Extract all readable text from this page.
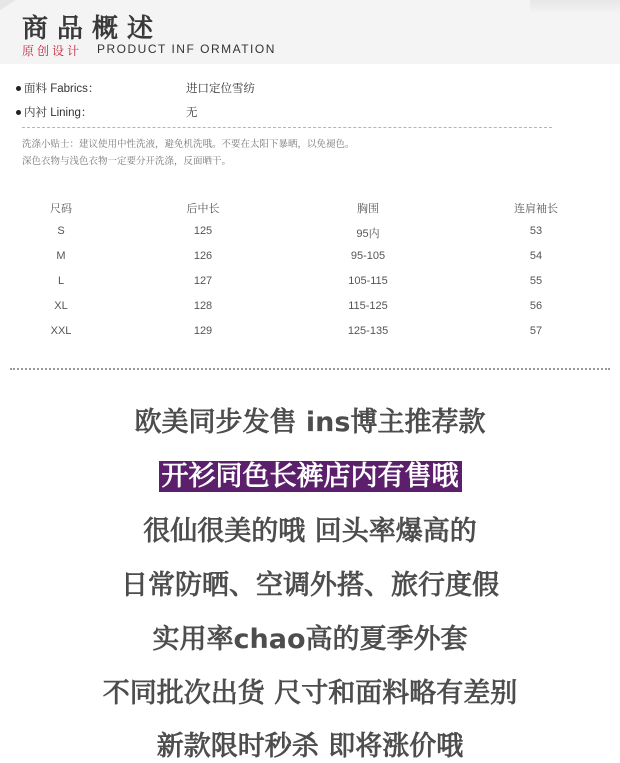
商品概述
原创设计 PRODUCT INF ORMATION
面料 Fabrics：	进口定位雪纺
内衬 Lining：	无
洗涤小贴士：建议使用中性洗液，避免机洗哦。不要在太阳下暴晒，以免褪色。
深色衣物与浅色衣物一定要分开洗涤，反面晒干。
尺码	后中长	胸围	连肩袖长
S	125	95内	53
M	126	95-105	54
L	127	105-115	55
XL	128	115-125	56
XXL	129	125-135	57
欧美同步发售 ins博主推荐款
开衫同色长裤店内有售哦
很仙很美的哦 回头率爆高的
日常防晒、空调外搭、旅行度假
实用率chao高的夏季外套
不同批次出货 尺寸和面料略有差别
新款限时秒杀 即将涨价哦
